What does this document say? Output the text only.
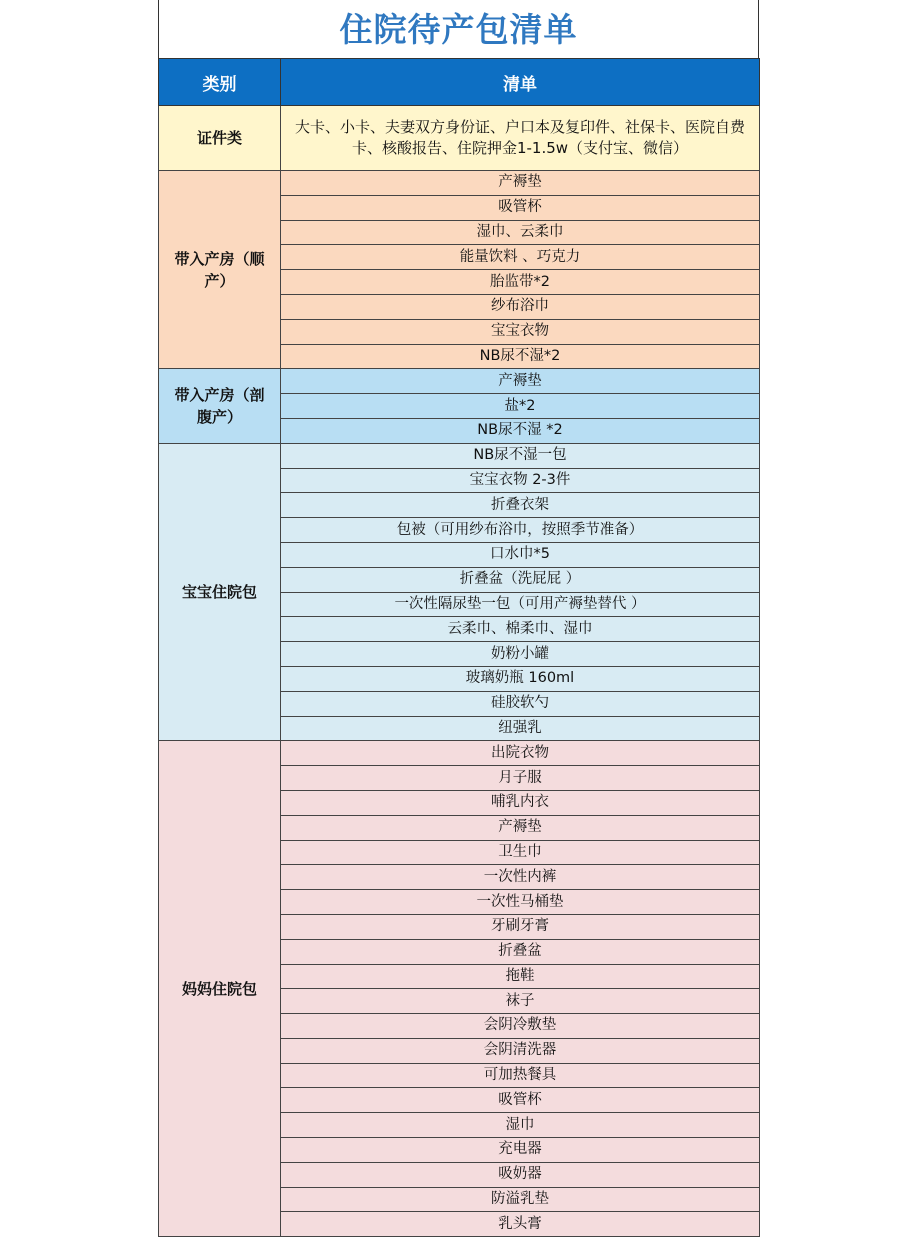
住院待产包清单
类别	清单
证件类	大卡、小卡、夫妻双方身份证、户口本及复印件、社保卡、医院自费卡、核酸报告、住院押金1-1.5w（支付宝、微信）
带入产房（顺产）	产褥垫
	吸管杯
	湿巾、云柔巾
	能量饮料 、巧克力
	胎监带*2
	纱布浴巾
	宝宝衣物
	NB尿不湿*2
带入产房（剖腹产）	产褥垫
	盐*2
	NB尿不湿 *2
宝宝住院包	NB尿不湿一包
	宝宝衣物 2-3件
	折叠衣架
	包被（可用纱布浴巾，按照季节准备）
	口水巾*5
	折叠盆（洗屁屁 ）
	一次性隔尿垫一包（可用产褥垫替代 ）
	云柔巾、棉柔巾、湿巾
	奶粉小罐
	玻璃奶瓶 160ml
	硅胶软勺
	纽强乳
妈妈住院包	出院衣物
	月子服
	哺乳内衣
	产褥垫
	卫生巾
	一次性内裤
	一次性马桶垫
	牙刷牙膏
	折叠盆
	拖鞋
	袜子
	会阴冷敷垫
	会阴清洗器
	可加热餐具
	吸管杯
	湿巾
	充电器
	吸奶器
	防溢乳垫
	乳头膏
